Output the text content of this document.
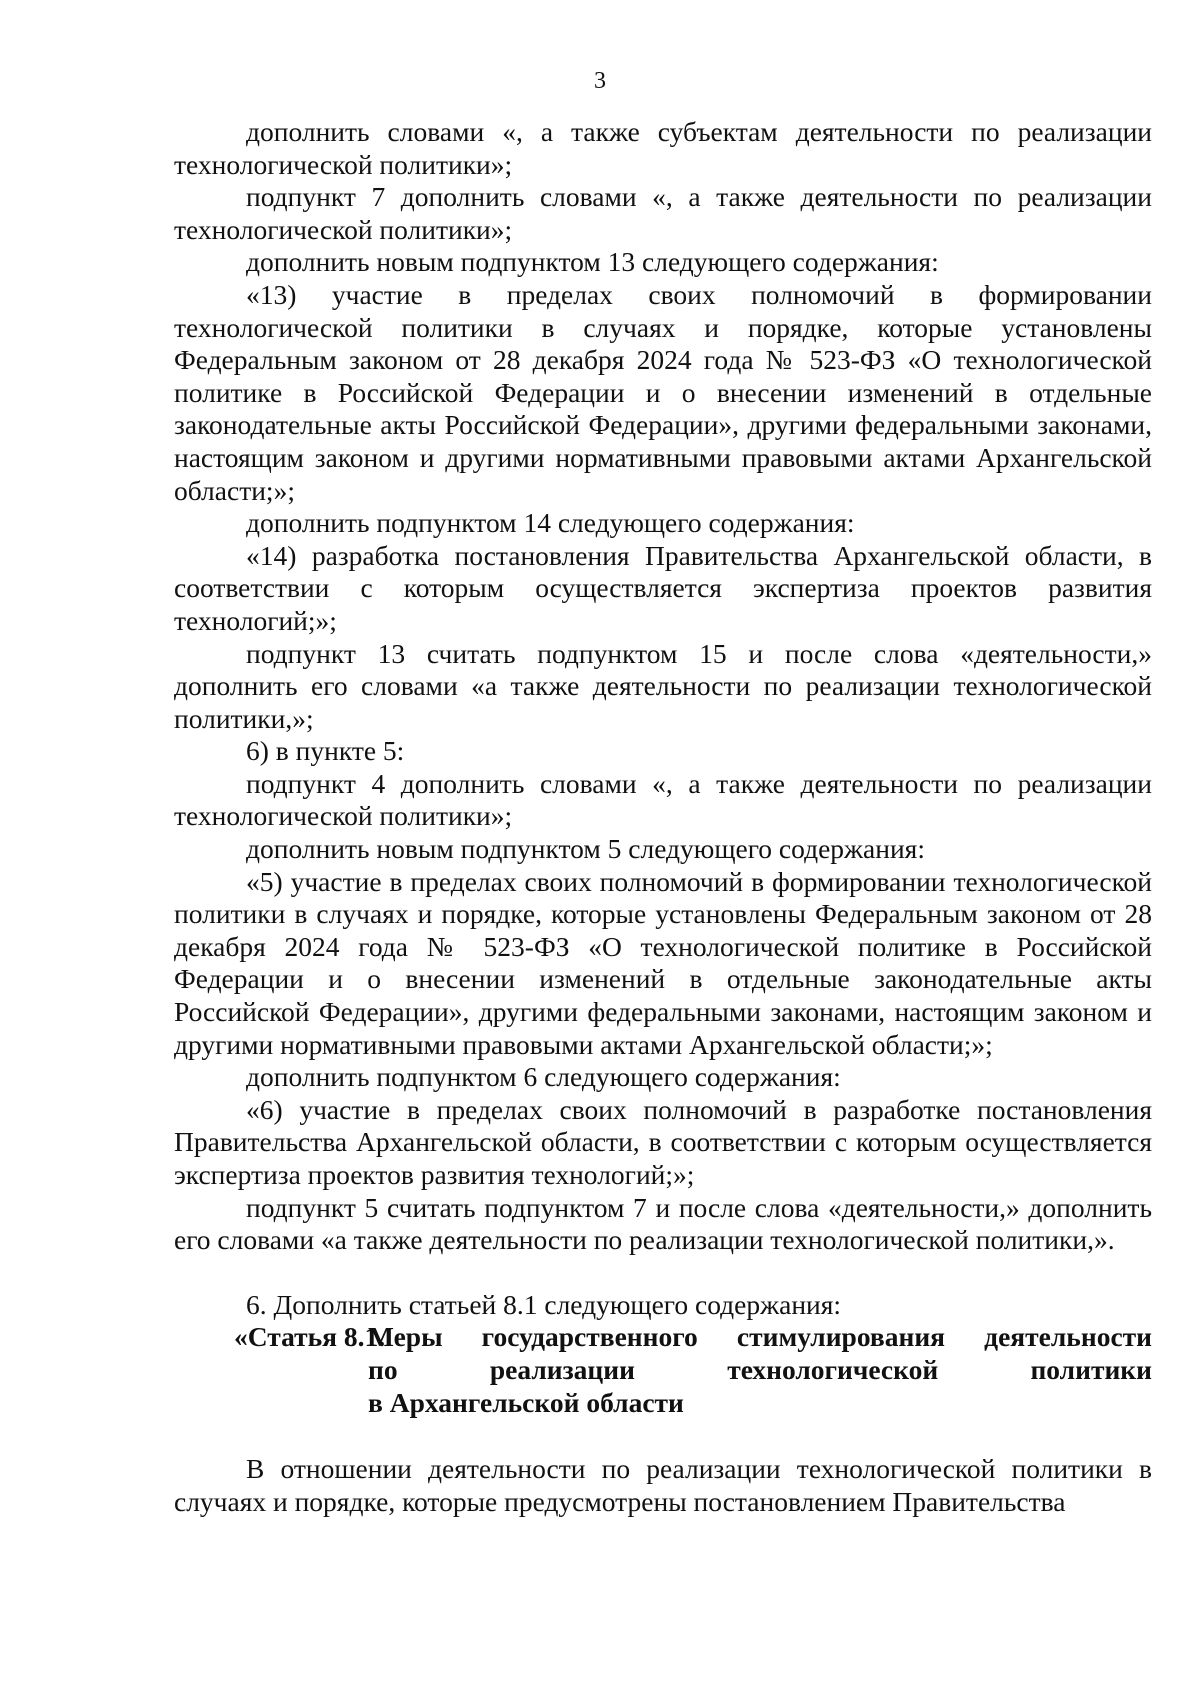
3

дополнить словами «, а также субъектам деятельности по реализации технологической политики»;

подпункт 7 дополнить словами «, а также деятельности по реализации технологической политики»;

дополнить новым подпунктом 13 следующего содержания:

«13) участие в пределах своих полномочий в формировании технологической политики в случаях и порядке, которые установлены Федеральным законом от 28 декабря 2024 года № 523-ФЗ «О технологической политике в Российской Федерации и о внесении изменений в отдельные законодательные акты Российской Федерации», другими федеральными законами, настоящим законом и другими нормативными правовыми актами Архангельской области;»;

дополнить подпунктом 14 следующего содержания:

«14) разработка постановления Правительства Архангельской области, в соответствии с которым осуществляется экспертиза проектов развития технологий;»;

подпункт 13 считать подпунктом 15 и после слова «деятельности,» дополнить его словами «а также деятельности по реализации технологической политики,»;

6) в пункте 5:

подпункт 4 дополнить словами «, а также деятельности по реализации технологической политики»;

дополнить новым подпунктом 5 следующего содержания:

«5) участие в пределах своих полномочий в формировании технологической политики в случаях и порядке, которые установлены Федеральным законом от 28 декабря 2024 года № 523-ФЗ «О технологической политике в Российской Федерации и о внесении изменений в отдельные законодательные акты Российской Федерации», другими федеральными законами, настоящим законом и другими нормативными правовыми актами Архангельской области;»;

дополнить подпунктом 6 следующего содержания:

«6) участие в пределах своих полномочий в разработке постановления Правительства Архангельской области, в соответствии с которым осуществляется экспертиза проектов развития технологий;»;

подпункт 5 считать подпунктом 7 и после слова «деятельности,» дополнить его словами «а также деятельности по реализации технологической политики,».

6. Дополнить статьей 8.1 следующего содержания:

«Статья 8.1.
Меры государственного стимулирования деятельности
по реализации технологической политики
в Архангельской области

В отношении деятельности по реализации технологической политики в случаях и порядке, которые предусмотрены постановлением Правительства
